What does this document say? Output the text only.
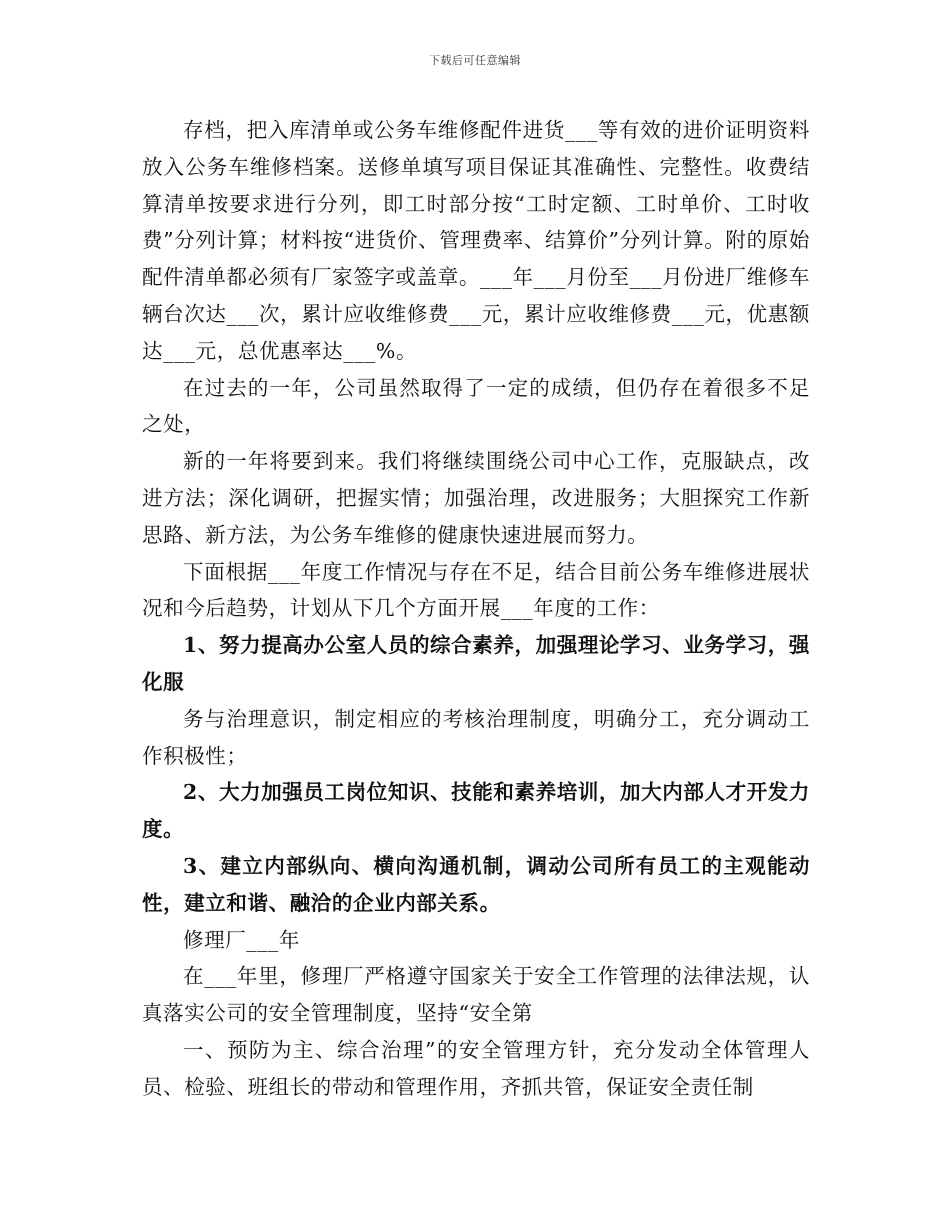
下载后可任意编辑

存档，把入库清单或公务车维修配件进货___等有效的进价证明资料放入公务车维修档案。送修单填写项目保证其准确性、完整性。收费结算清单按要求进行分列，即工时部分按“工时定额、工时单价、工时收费”分列计算；材料按“进货价、管理费率、结算价”分列计算。附的原始配件清单都必须有厂家签字或盖章。___年___月份至___月份进厂维修车辆台次达___次，累计应收维修费___元，累计应收维修费___元，优惠额达___元，总优惠率达___%。

在过去的一年，公司虽然取得了一定的成绩，但仍存在着很多不足之处，

新的一年将要到来。我们将继续围绕公司中心工作，克服缺点，改进方法；深化调研，把握实情；加强治理，改进服务；大胆探究工作新思路、新方法，为公务车维修的健康快速进展而努力。

下面根据___年度工作情况与存在不足，结合目前公务车维修进展状况和今后趋势，计划从下几个方面开展___年度的工作：

1、努力提高办公室人员的综合素养，加强理论学习、业务学习，强化服

务与治理意识，制定相应的考核治理制度，明确分工，充分调动工作积极性；

2、大力加强员工岗位知识、技能和素养培训，加大内部人才开发力度。

3、建立内部纵向、横向沟通机制，调动公司所有员工的主观能动性，建立和谐、融洽的企业内部关系。

修理厂___年

在___年里，修理厂严格遵守国家关于安全工作管理的法律法规，认真落实公司的安全管理制度，坚持“安全第

一、预防为主、综合治理”的安全管理方针，充分发动全体管理人员、检验、班组长的带动和管理作用，齐抓共管，保证安全责任制
